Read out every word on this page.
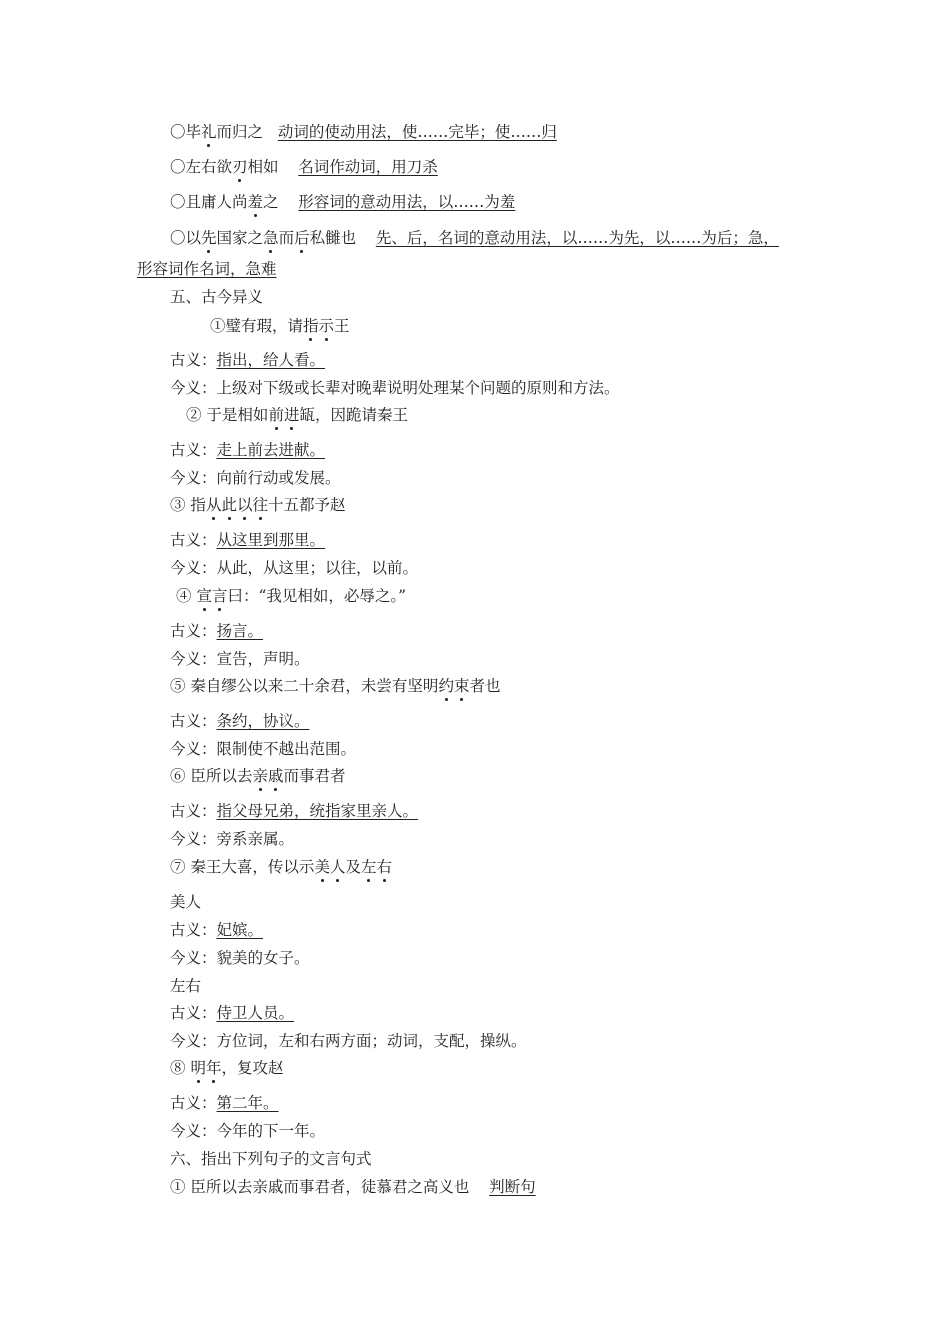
〇毕礼而归之 动词的使动用法，使……完毕；使……归
〇左右欲刃相如 名词作动词，用刀杀
〇且庸人尚羞之 形容词的意动用法，以……为羞
〇以先国家之急而后私雠也 先、后，名词的意动用法，以……为先，以……为后；急，
形容词作名词，急难
五、古今异义
①璧有瑕，请指示王
古义：指出，给人看。
今义：上级对下级或长辈对晚辈说明处理某个问题的原则和方法。
② 于是相如前进缻，因跪请秦王
古义：走上前去进献。
今义：向前行动或发展。
③ 指从此以往十五都予赵
古义：从这里到那里。
今义：从此，从这里；以往，以前。
④ 宣言曰：“我见相如，必辱之。”
古义：扬言。
今义：宣告，声明。
⑤ 秦自缪公以来二十余君，未尝有坚明约束者也
古义：条约，协议。
今义：限制使不越出范围。
⑥ 臣所以去亲戚而事君者
古义：指父母兄弟，统指家里亲人。
今义：旁系亲属。
⑦ 秦王大喜，传以示美人及左右
美人
古义：妃嫔。
今义：貌美的女子。
左右
古义：侍卫人员。
今义：方位词，左和右两方面；动词，支配，操纵。
⑧ 明年，复攻赵
古义：第二年。
今义：今年的下一年。
六、指出下列句子的文言句式
① 臣所以去亲戚而事君者，徒慕君之高义也 判断句
